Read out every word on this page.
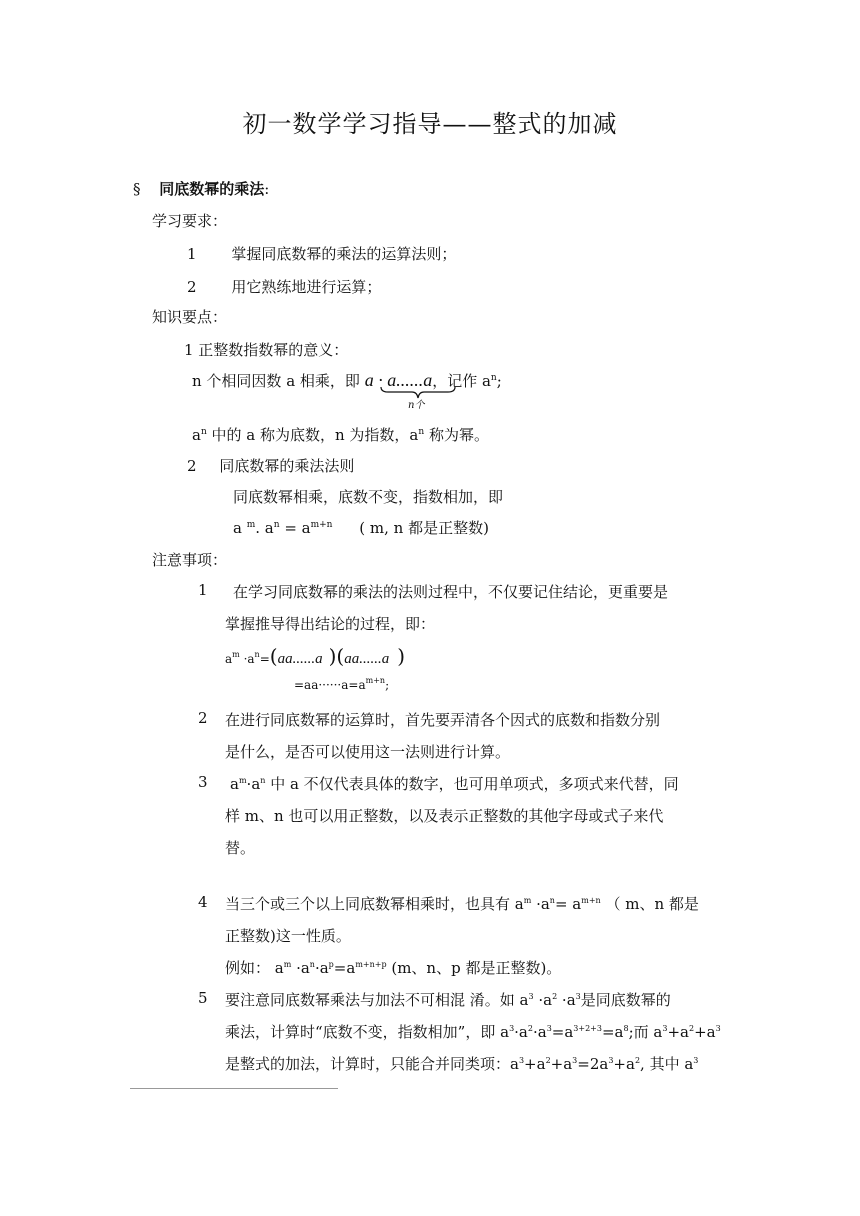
初一数学学习指导——整式的加减
§ 同底数幂的乘法:
学习要求：
1 掌握同底数幂的乘法的运算法则；
2 用它熟练地进行运算；
知识要点：
1 正整数指数幂的意义：
n 个相同因数 a 相乘，即 a · a......a，记作 $a^n$;
n个
$a^n$ 中的 a 称为底数，n 为指数，$a^n$ 称为幂。
2 同底数幂的乘法法则
同底数幂相乘，底数不变，指数相加，即
a $^m$. $a^n = a^{m+n}$ ( m, n 都是正整数)
注意事项：
1 在学习同底数幂的乘法的法则过程中，不仅要记住结论，更重要是
掌握推导得出结论的过程，即：
$a^m \cdot a^n=(aa......a$ )(aa......a )
$=aa\cdot\cdot\cdot\cdot\cdot\cdot a=a^{m+n}$;
2 在进行同底数幂的运算时，首先要弄清各个因式的底数和指数分别
是什么，是否可以使用这一法则进行计算。
3 $a^m\cdot a^n$ 中 a 不仅代表具体的数字，也可用单项式，多项式来代替，同
样 m、n 也可以用正整数，以及表示正整数的其他字母或式子来代
替。
4 当三个或三个以上同底数幂相乘时，也具有 $a^m \cdot a^n= a^{m+n}$ （ m、n 都是
正整数)这一性质。
例如： $a^m \cdot a^n\cdot a^p=a^{m+n+p}$ (m、n、p 都是正整数)。
5 要注意同底数幂乘法与加法不可相混 淆。如 $a^3 \cdot a^2 \cdot a^3$是同底数幂的
乘法，计算时“底数不变，指数相加”，即 $a^3\cdot a^2\cdot a^3=a^{3+2+3}=a^8$;而 $a^3+a^2+a^3$
是整式的加法，计算时，只能合并同类项：$a^3+a^2+a^3=2a^3+a^2$, 其中 $a^3$
